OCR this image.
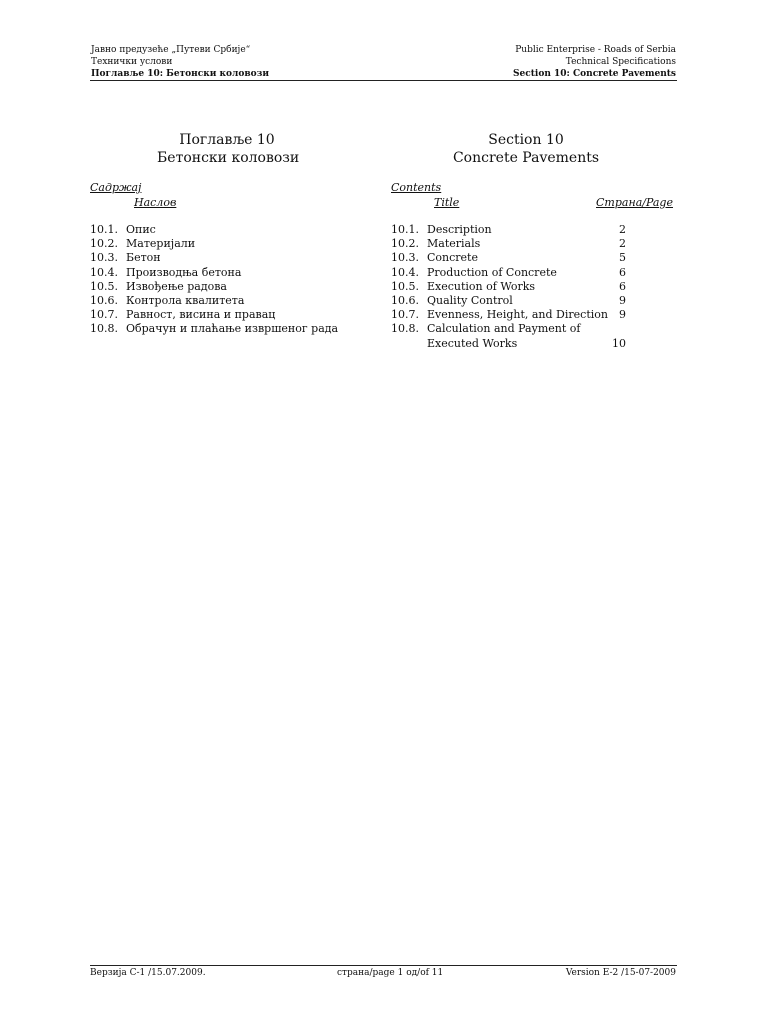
Јавно предузеће „Путеви Србије“
Технички услови
Поглавље 10: Бетонски коловози
Public Enterprise - Roads of Serbia
Technical Specifications
Section 10: Concrete Pavements
Поглавље 10
Бетонски коловози
Section 10
Concrete Pavements
Садржај
Наслов
Contents
Title	Страна/Page
10.1. Опис
10.2. Материјали
10.3. Бетон
10.4. Производња бетона
10.5. Извођење радова
10.6. Контрола квалитета
10.7. Равност, висина и правац
10.8. Обрачун и плаћање извршеног рада
10.1. Description	2
10.2. Materials	2
10.3. Concrete	5
10.4. Production of Concrete	6
10.5. Execution of Works	6
10.6. Quality Control	9
10.7. Evenness, Height, and Direction 9
10.8. Calculation and Payment of Executed Works	10
Верзија С-1 /15.07.2009.	страна/page 1 од/of 11	Version E-2 /15-07-2009
